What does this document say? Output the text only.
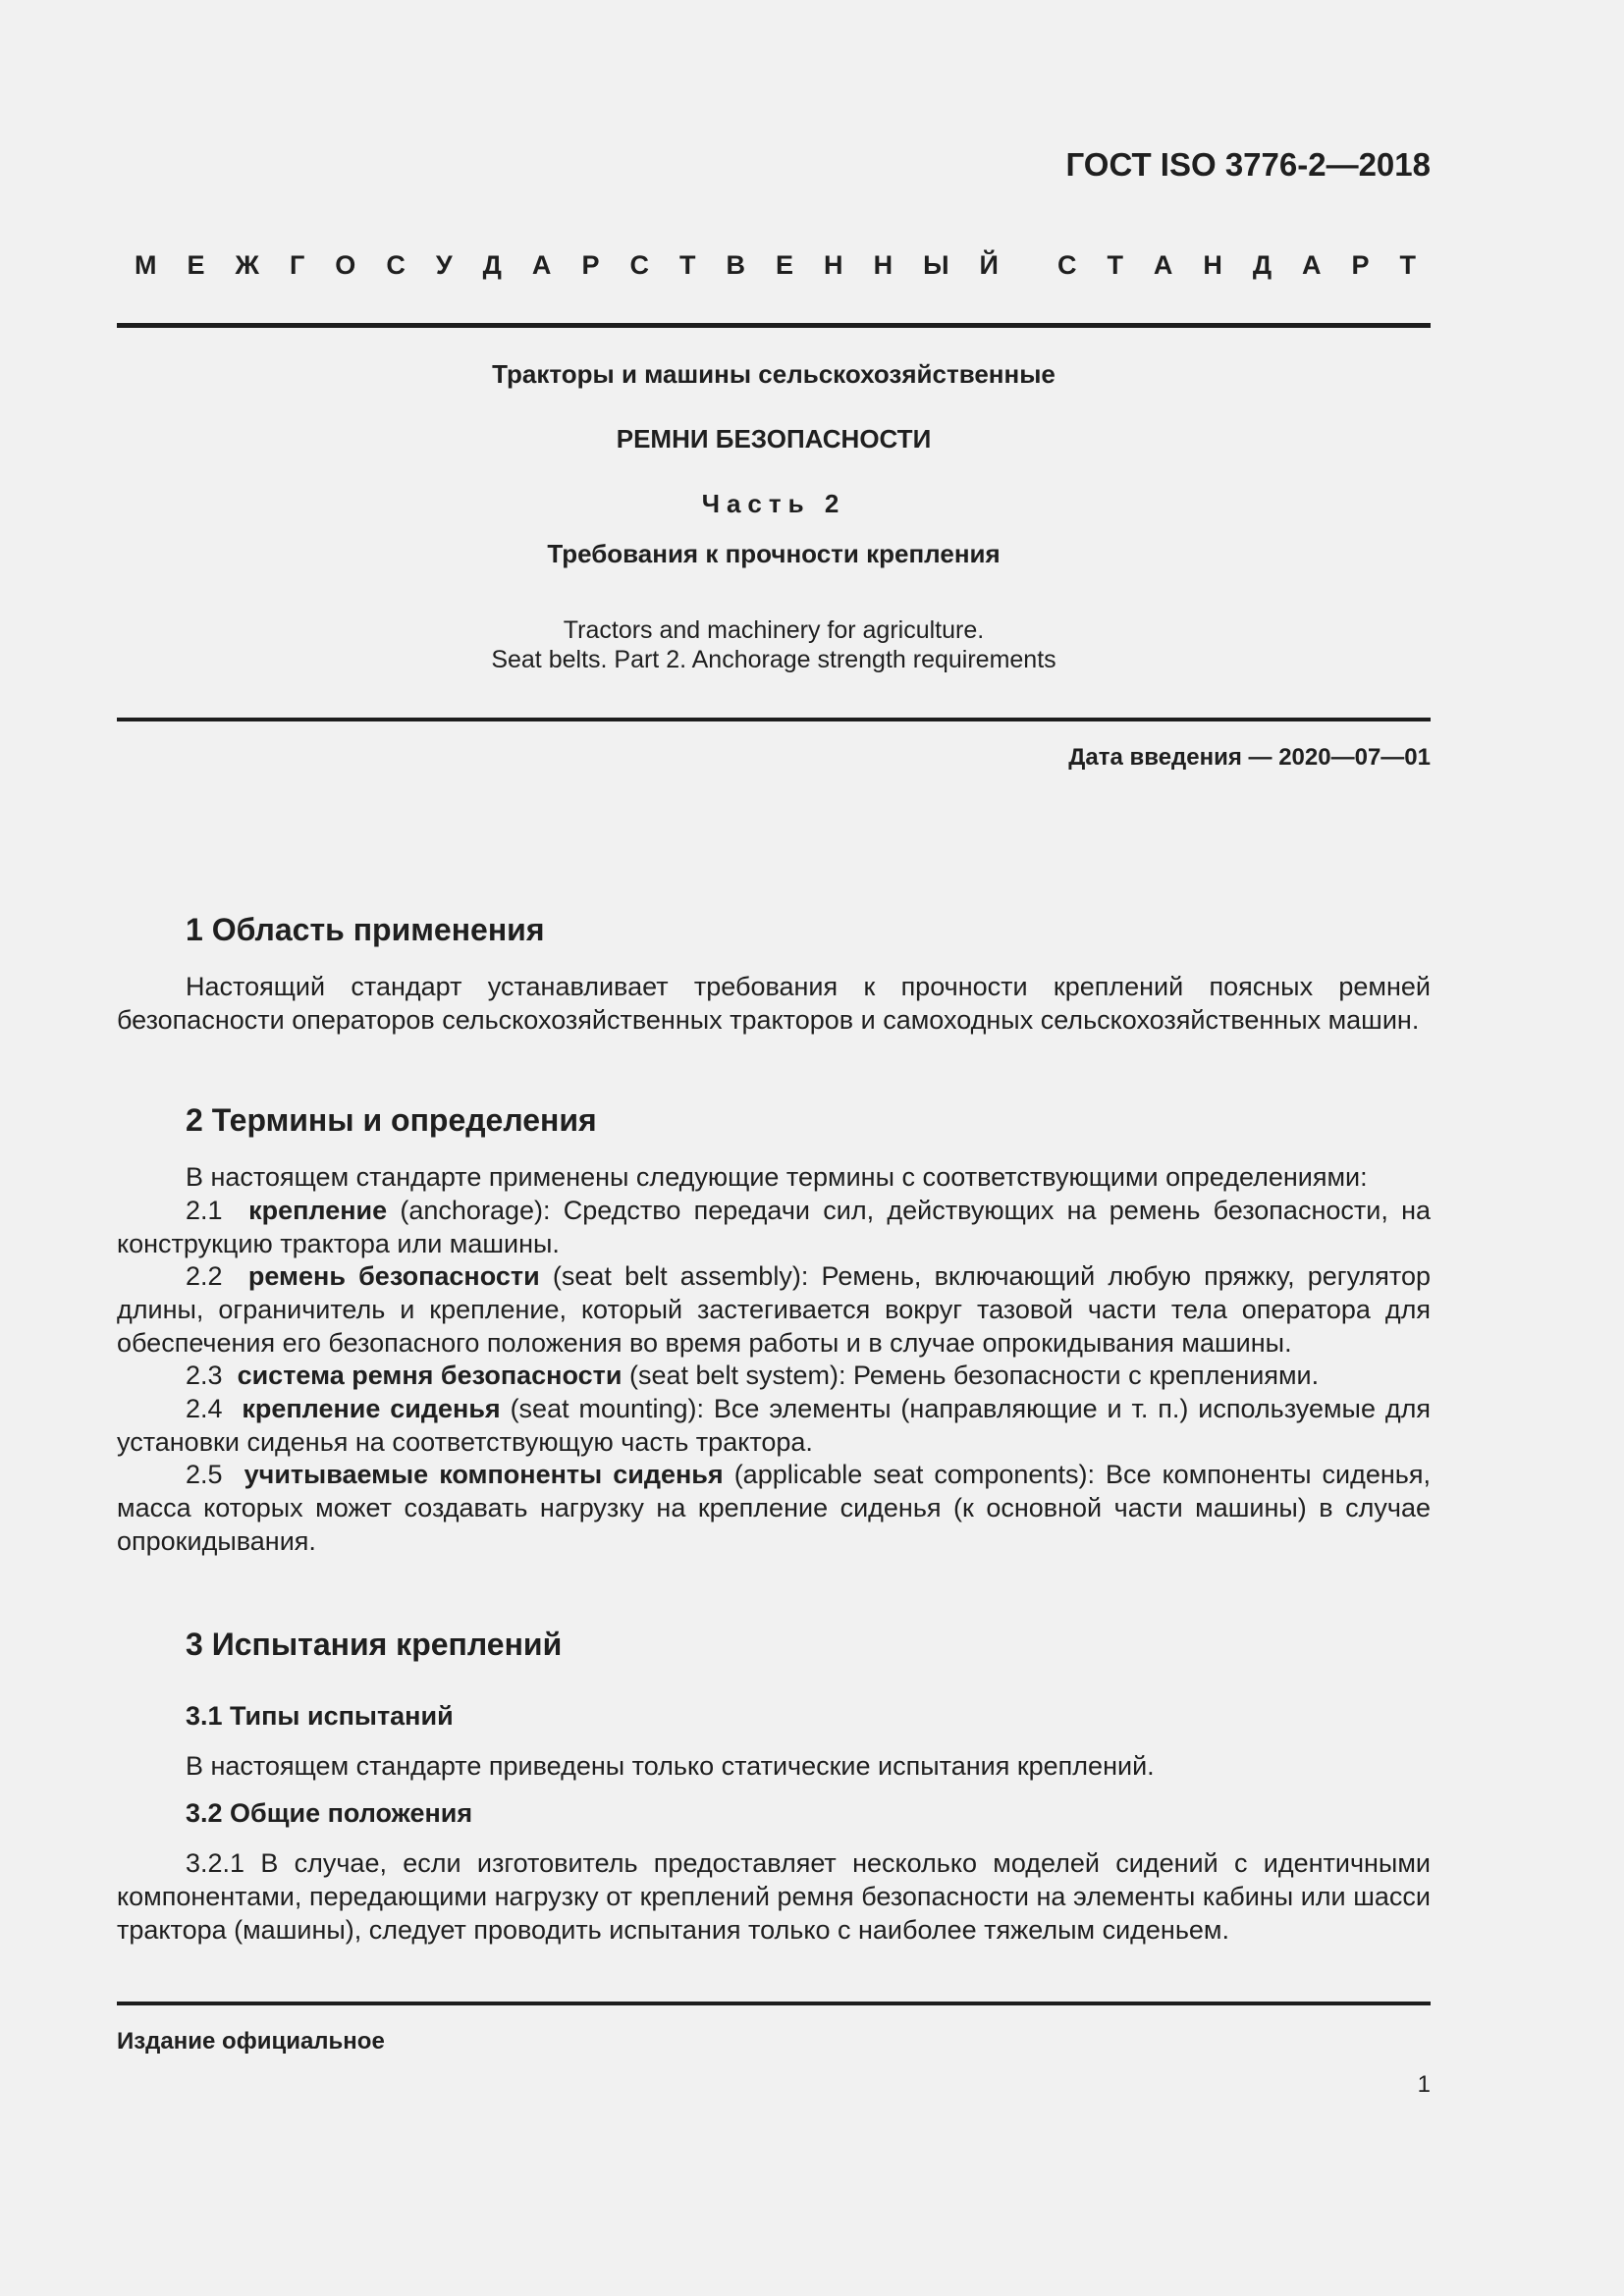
ГОСТ ISO 3776-2—2018
М Е Ж Г О С У Д А Р С Т В Е Н Н Ы Й С Т А Н Д А Р Т
Тракторы и машины сельскохозяйственные
РЕМНИ БЕЗОПАСНОСТИ
Часть 2
Требования к прочности крепления
Tractors and machinery for agriculture.
Seat belts. Part 2. Anchorage strength requirements
Дата введения — 2020—07—01
1 Область применения
Настоящий стандарт устанавливает требования к прочности креплений поясных ремней безопасности операторов сельскохозяйственных тракторов и самоходных сельскохозяйственных машин.
2 Термины и определения
В настоящем стандарте применены следующие термины с соответствующими определениями:
2.1 крепление (anchorage): Средство передачи сил, действующих на ремень безопасности, на конструкцию трактора или машины.
2.2 ремень безопасности (seat belt assembly): Ремень, включающий любую пряжку, регулятор длины, ограничитель и крепление, который застегивается вокруг тазовой части тела оператора для обеспечения его безопасного положения во время работы и в случае опрокидывания машины.
2.3 система ремня безопасности (seat belt system): Ремень безопасности с креплениями.
2.4 крепление сиденья (seat mounting): Все элементы (направляющие и т. п.) используемые для установки сиденья на соответствующую часть трактора.
2.5 учитываемые компоненты сиденья (applicable seat components): Все компоненты сиденья, масса которых может создавать нагрузку на крепление сиденья (к основной части машины) в случае опрокидывания.
3 Испытания креплений
3.1 Типы испытаний
В настоящем стандарте приведены только статические испытания креплений.
3.2 Общие положения
3.2.1 В случае, если изготовитель предоставляет несколько моделей сидений с идентичными компонентами, передающими нагрузку от креплений ремня безопасности на элементы кабины или шасси трактора (машины), следует проводить испытания только с наиболее тяжелым сиденьем.
Издание официальное
1
